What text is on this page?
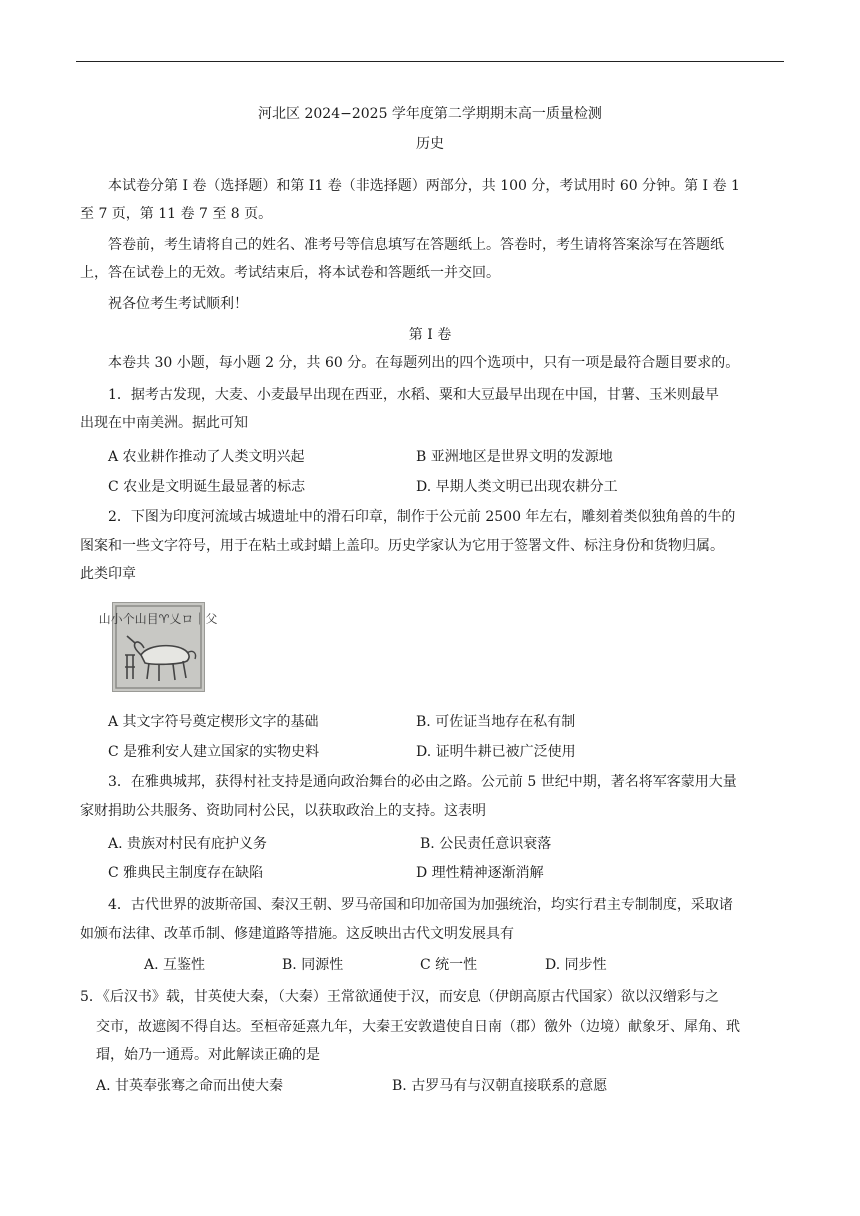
河北区 2024−2025 学年度第二学期期末高一质量检测
历史
本试卷分第 I 卷（选择题）和第 I1 卷（非选择题）两部分，共 100 分，考试用时 60 分钟。第 I 卷 1
至 7 页，第 11 卷 7 至 8 页。
答卷前，考生请将自己的姓名、准考号等信息填写在答题纸上。答卷时，考生请将答案涂写在答题纸
上，答在试卷上的无效。考试结束后，将本试卷和答题纸一并交回。
祝各位考生考试顺利！
第 I 卷
本卷共 30 小题，每小题 2 分，共 60 分。在每题列出的四个选项中，只有一项是最符合题目要求的。
1．据考古发现，大麦、小麦最早出现在西亚，水稻、粟和大豆最早出现在中国，甘薯、玉米则最早
出现在中南美洲。据此可知
A 农业耕作推动了人类文明兴起	B 亚洲地区是世界文明的发源地
C 农业是文明诞生最显著的标志	D. 早期人类文明已出现农耕分工
2．下图为印度河流域古城遗址中的滑石印章，制作于公元前 2500 年左右，雕刻着类似独角兽的牛的
图案和一些文字符号，用于在粘土或封蜡上盖印。历史学家认为它用于签署文件、标注身份和货物归属。
此类印章
山小个山目♈乂ロ｜父
A 其文字符号奠定楔形文字的基础	B. 可佐证当地存在私有制
C 是雅利安人建立国家的实物史料	D. 证明牛耕已被广泛使用
3．在雅典城邦，获得村社支持是通向政治舞台的必由之路。公元前 5 世纪中期，著名将军客蒙用大量
家财捐助公共服务、资助同村公民，以获取政治上的支持。这表明
A. 贵族对村民有庇护义务	B. 公民责任意识衰落
C 雅典民主制度存在缺陷	D 理性精神逐渐消解
4．古代世界的波斯帝国、秦汉王朝、罗马帝国和印加帝国为加强统治，均实行君主专制制度，采取诸
如颁布法律、改革币制、修建道路等措施。这反映出古代文明发展具有
A. 互鉴性	B. 同源性	C 统一性	D. 同步性
5．《后汉书》载，甘英使大秦，（大秦）王常欲通使于汉，而安息（伊朗高原古代国家）欲以汉缯彩与之
交市，故遮阂不得自达。至桓帝延熹九年，大秦王安敦遣使自日南（郡）徼外（边境）献象牙、犀角、玳
瑁，始乃一通焉。对此解读正确的是
A. 甘英奉张骞之命而出使大秦	B. 古罗马有与汉朝直接联系的意愿
